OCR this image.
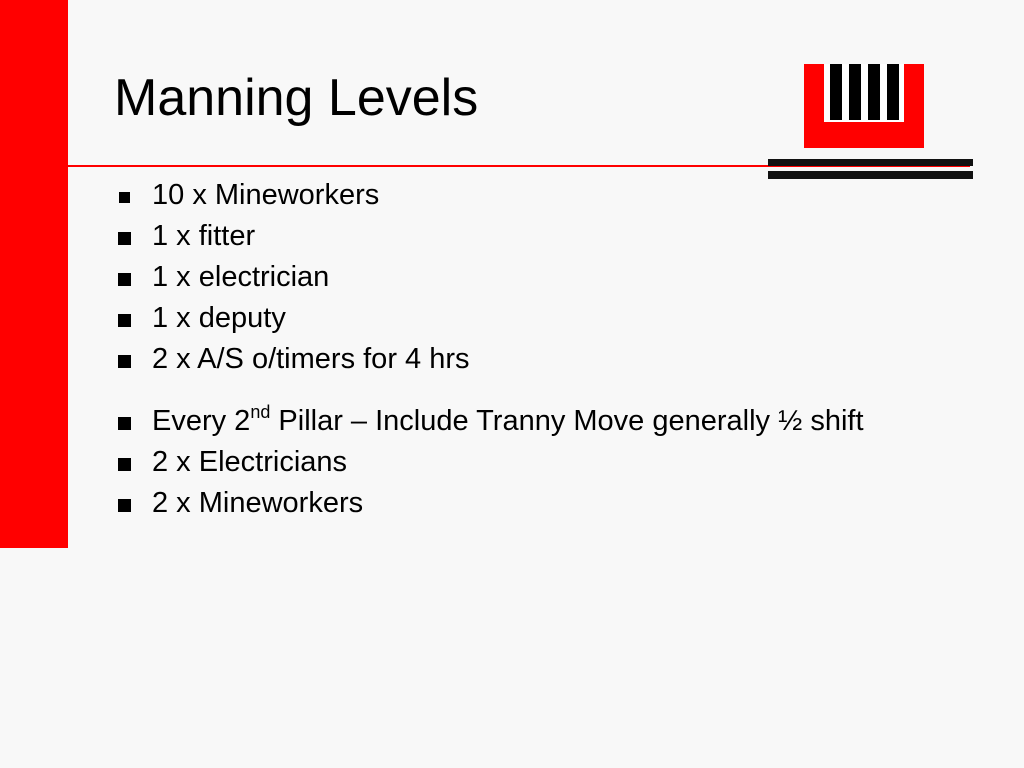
Manning Levels
10 x Mineworkers
1 x fitter
1 x electrician
1 x deputy
2 x A/S o/timers for 4 hrs
Every 2nd Pillar – Include Tranny Move generally ½ shift
2 x Electricians
2 x Mineworkers
